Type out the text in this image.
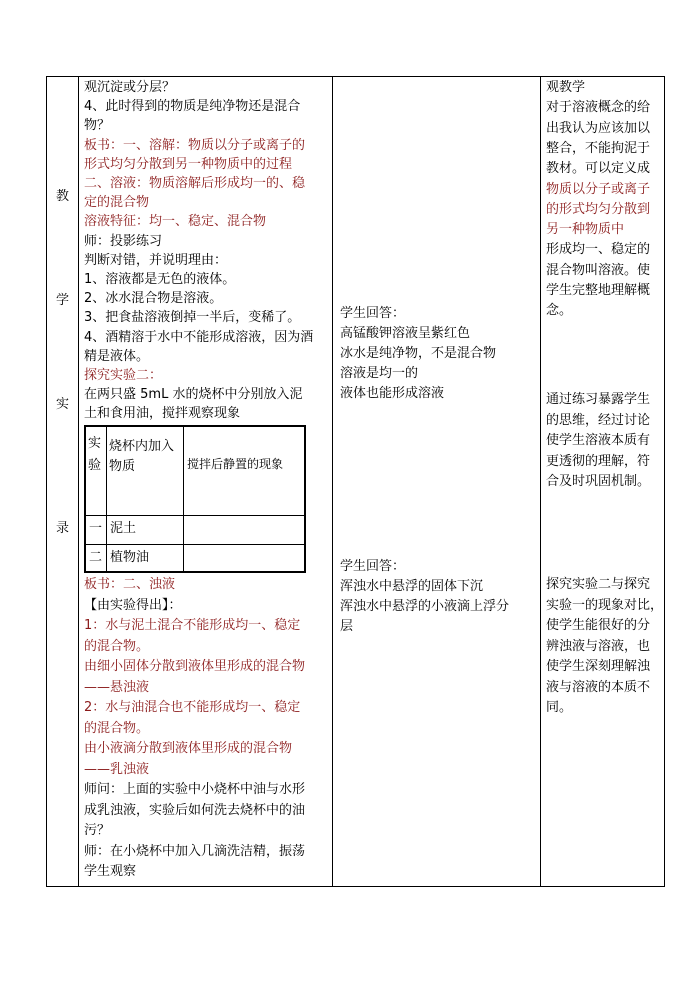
教
学
实
录
观沉淀或分层？
4、此时得到的物质是纯净物还是混合
物？
板书：一、溶解：物质以分子或离子的
形式均匀分散到另一种物质中的过程
二、溶液：物质溶解后形成均一的、稳
定的混合物
溶液特征：均一、稳定、混合物
师：投影练习
判断对错，并说明理由：
1、溶液都是无色的液体。
2、冰水混合物是溶液。
3、把食盐溶液倒掉一半后，变稀了。
4、酒精溶于水中不能形成溶液，因为酒
精是液体。
探究实验二：
在两只盛 5mL 水的烧杯中分别放入泥
土和食用油，搅拌观察现象
实验
烧杯内加入物质	搅拌后静置的现象
一 泥土
二 植物油
板书：二、浊液
【由实验得出】：
1：水与泥土混合不能形成均一、稳定
的混合物。
由细小固体分散到液体里形成的混合物
——悬浊液
2：水与油混合也不能形成均一、稳定
的混合物。
由小液滴分散到液体里形成的混合物
——乳浊液
师问：上面的实验中小烧杯中油与水形
成乳浊液，实验后如何洗去烧杯中的油
污？
师：在小烧杯中加入几滴洗洁精，振荡
学生观察
学生回答：
高锰酸钾溶液呈紫红色
冰水是纯净物，不是混合物
溶液是均一的
液体也能形成溶液
学生回答：
浑浊水中悬浮的固体下沉
浑浊水中悬浮的小液滴上浮分
层
观教学
对于溶液概念的给
出我认为应该加以
整合，不能拘泥于
教材。可以定义成
物质以分子或离子
的形式均匀分散到
另一种物质中
形成均一、稳定的
混合物叫溶液。使
学生完整地理解概
念。
通过练习暴露学生
的思维，经过讨论
使学生溶液本质有
更透彻的理解，符
合及时巩固机制。
探究实验二与探究
实验一的现象对比，
使学生能很好的分
辨浊液与溶液，也
使学生深刻理解浊
液与溶液的本质不
同。
